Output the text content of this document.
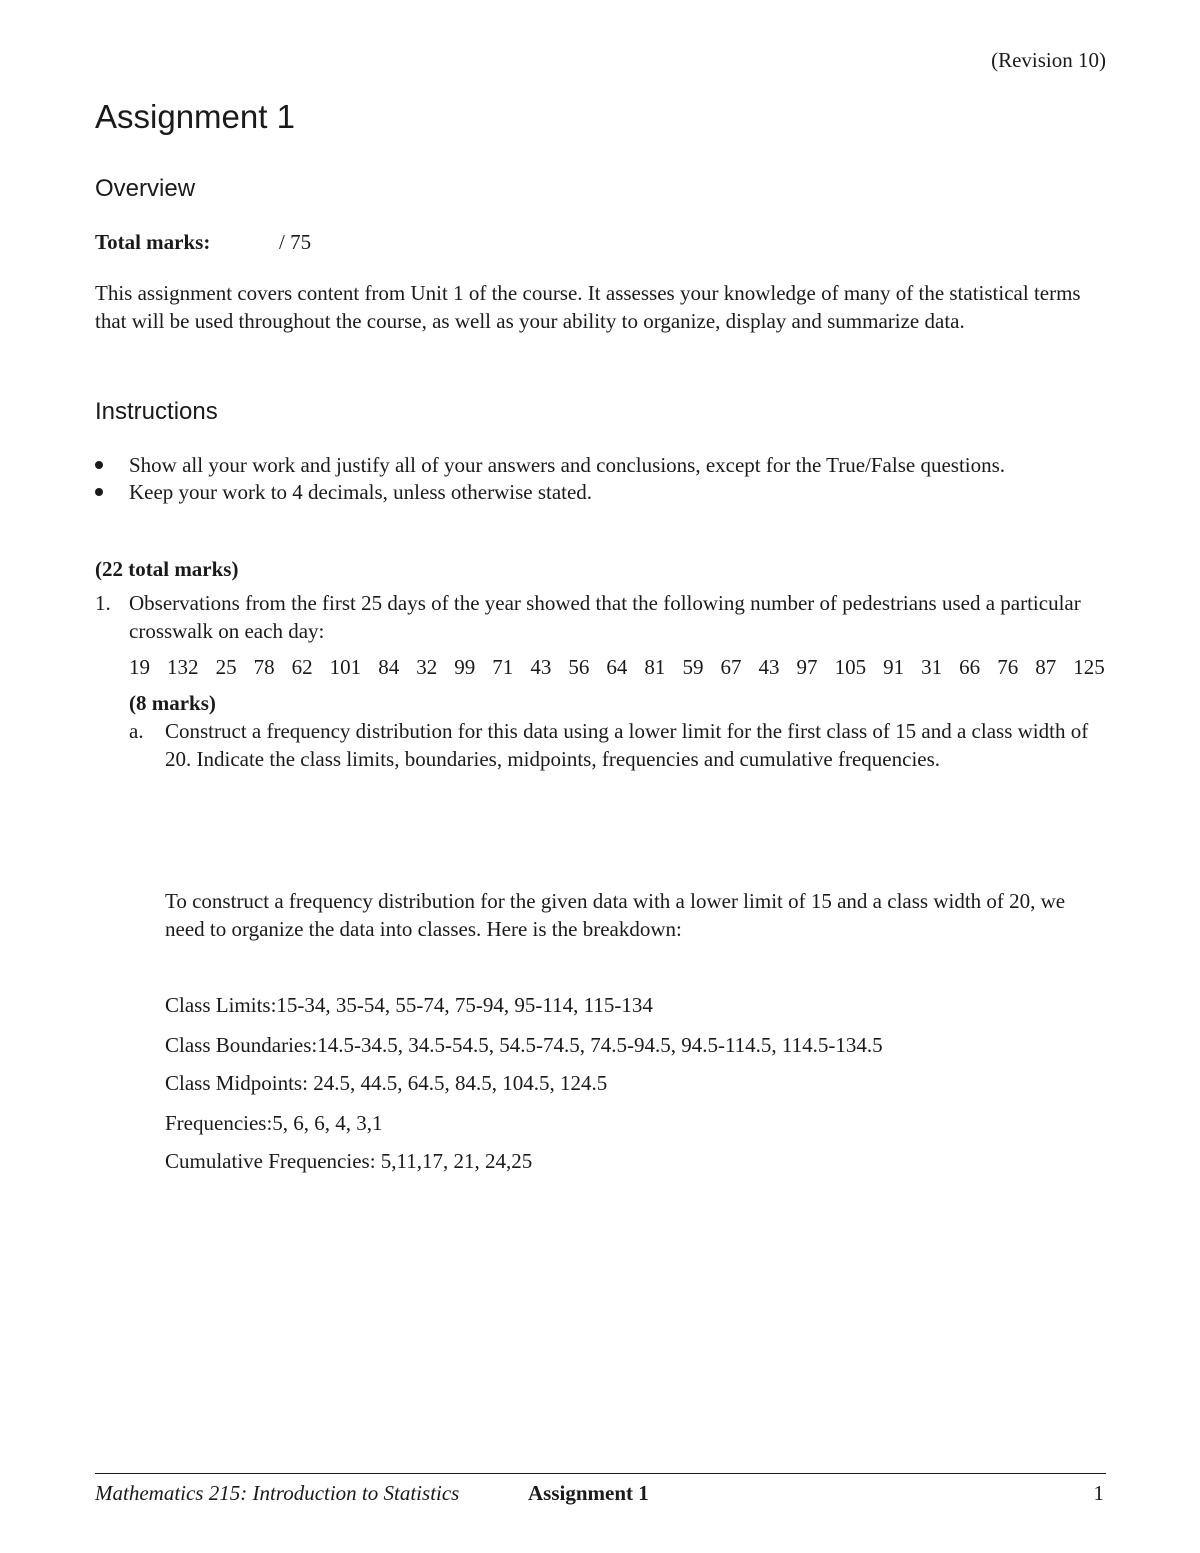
(Revision 10)
Assignment 1
Overview
Total marks:	/ 75

This assignment covers content from Unit 1 of the course. It assesses your knowledge of many of the statistical terms that will be used throughout the course, as well as your ability to organize, display and summarize data.

Instructions
Show all your work and justify all of your answers and conclusions, except for the True/False questions.
Keep your work to 4 decimals, unless otherwise stated.
(22 total marks)
1. Observations from the first 25 days of the year showed that the following number of pedestrians used a particular crosswalk on each day:
19 132 25 78 62 101 84 32 99 71 43 56 64 81 59 67 43 97 105 91 31 66 76 87 125
(8 marks)
a. Construct a frequency distribution for this data using a lower limit for the first class of 15 and a class width of 20. Indicate the class limits, boundaries, midpoints, frequencies and cumulative frequencies.
To construct a frequency distribution for the given data with a lower limit of 15 and a class width of 20, we need to organize the data into classes. Here is the breakdown:
Class Limits:15-34, 35-54, 55-74, 75-94, 95-114, 115-134
Class Boundaries:14.5-34.5, 34.5-54.5, 54.5-74.5, 74.5-94.5, 94.5-114.5, 114.5-134.5
Class Midpoints: 24.5, 44.5, 64.5, 84.5, 104.5, 124.5
Frequencies:5, 6, 6, 4, 3,1
Cumulative Frequencies: 5,11,17, 21, 24,25
Mathematics 215: Introduction to Statistics	Assignment 1	1
